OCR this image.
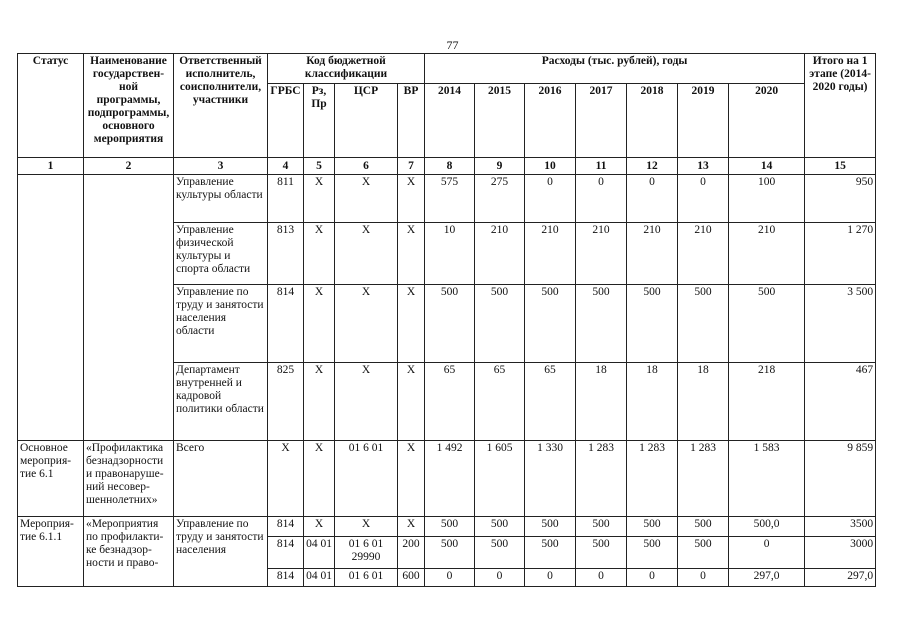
77
Статус	Наименование государствен-ной программы, подпрограммы, основного мероприятия	Ответственный исполнитель, соисполнители, участники	Код бюджетной классификации				Расходы (тыс. рублей), годы							Итого на 1 этапе (2014-2020 годы)
			ГРБС	Рз, Пр	ЦСР	ВР	2014	2015	2016	2017	2018	2019	2020	
1	2	3	4	5	6	7	8	9	10	11	12	13	14	15
		Управление культуры области	811	X	X	X	575	275	0	0	0	0	100	950
		Управление физической культуры и спорта области	813	X	X	X	10	210	210	210	210	210	210	1 270
		Управление по труду и занятости населения области	814	X	X	X	500	500	500	500	500	500	500	3 500
		Департамент внутренней и кадровой политики области	825	X	X	X	65	65	65	18	18	18	218	467
Основное мероприя-тие 6.1	«Профилактика безнадзорности и правонаруше-ний несовер-шеннолетних»	Всего	X	X	01 6 01	X	1 492	1 605	1 330	1 283	1 283	1 283	1 583	9 859
Мероприя-тие 6.1.1	«Мероприятия по профилакти-ке безнадзор-ности и право-	Управление по труду и занятости населения	814	X	X	X	500	500	500	500	500	500	500,0	3500
			814	04 01	01 6 01 29990	200	500	500	500	500	500	500	0	3000
			814	04 01	01 6 01	600	0	0	0	0	0	0	297,0	297,0
